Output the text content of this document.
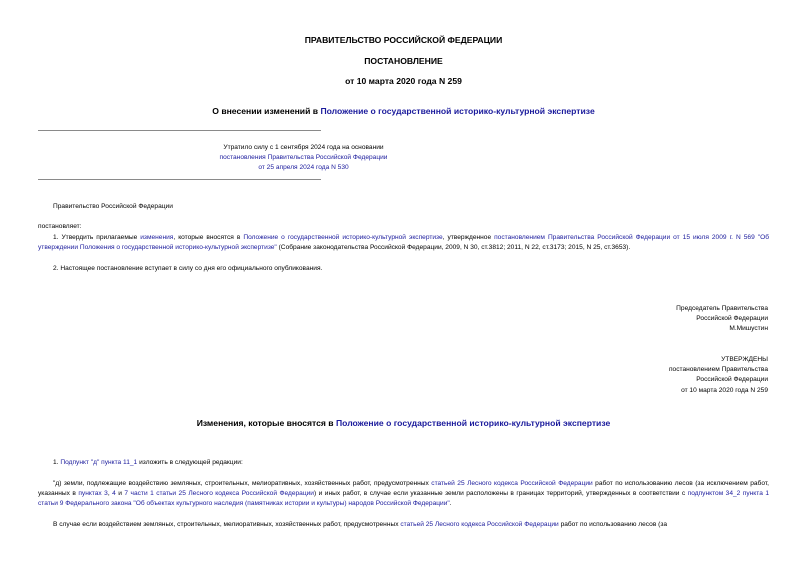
ПРАВИТЕЛЬСТВО РОССИЙСКОЙ ФЕДЕРАЦИИ
ПОСТАНОВЛЕНИЕ
от 10 марта 2020 года N 259
О внесении изменений в Положение о государственной историко-культурной экспертизе
Утратило силу с 1 сентября 2024 года на основании
постановления Правительства Российской Федерации
от 25 апреля 2024 года N 530
Правительство Российской Федерации
постановляет:
1. Утвердить прилагаемые изменения, которые вносятся в Положение о государственной историко-культурной экспертизе, утвержденное постановлением Правительства Российской Федерации от 15 июля 2009 г. N 569 "Об утверждении Положения о государственной историко-культурной экспертизе" (Собрание законодательства Российской Федерации, 2009, N 30, ст.3812; 2011, N 22, ст.3173; 2015, N 25, ст.3653).
2. Настоящее постановление вступает в силу со дня его официального опубликования.
Председатель Правительства
Российской Федерации
М.Мишустин
УТВЕРЖДЕНЫ
постановлением Правительства
Российской Федерации
от 10 марта 2020 года N 259
Изменения, которые вносятся в Положение о государственной историко-культурной экспертизе
1. Подпункт "д" пункта 11_1 изложить в следующей редакции:
"д) земли, подлежащие воздействию земляных, строительных, мелиоративных, хозяйственных работ, предусмотренных статьей 25 Лесного кодекса Российской Федерации работ по использованию лесов (за исключением работ, указанных в пунктах 3, 4 и 7 части 1 статьи 25 Лесного кодекса Российской Федерации) и иных работ, в случае если указанные земли расположены в границах территорий, утвержденных в соответствии с подпунктом 34_2 пункта 1 статьи 9 Федерального закона "Об объектах культурного наследия (памятниках истории и культуры) народов Российской Федерации".
В случае если воздействием земляных, строительных, мелиоративных, хозяйственных работ, предусмотренных статьей 25 Лесного кодекса Российской Федерации работ по использованию лесов (за
